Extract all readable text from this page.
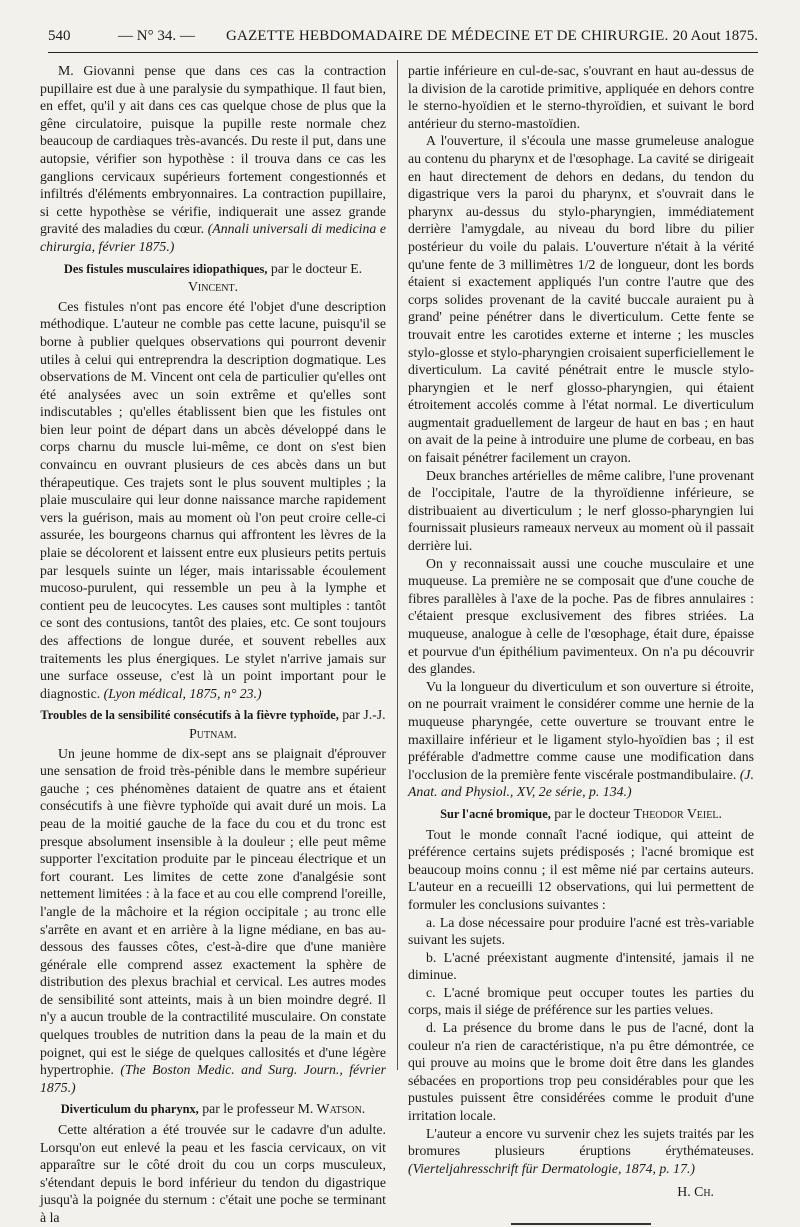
540	— N° 34. — GAZETTE HEBDOMADAIRE DE MÉDECINE ET DE CHIRURGIE. 20 Aout 1875.

M. Giovanni pense que dans ces cas la contraction pupillaire est due à une paralysie du sympathique. Il faut bien, en effet, qu'il y ait dans ces cas quelque chose de plus que la gêne circulatoire, puisque la pupille reste normale chez beaucoup de cardiaques très-avancés. Du reste il put, dans une autopsie, vérifier son hypothèse : il trouva dans ce cas les ganglions cervicaux supérieurs fortement congestionnés et infiltrés d'éléments embryonnaires. La contraction pupillaire, si cette hypothèse se vérifie, indiquerait une assez grande gravité des maladies du cœur. (Annali universali di medicina e chirurgia, février 1875.)

Des fistules musculaires idiopathiques, par le docteur E. Vincent.

Ces fistules n'ont pas encore été l'objet d'une description méthodique. L'auteur ne comble pas cette lacune, puisqu'il se borne à publier quelques observations qui pourront devenir utiles à celui qui entreprendra la description dogmatique. Les observations de M. Vincent ont cela de particulier qu'elles ont été analysées avec un soin extrême et qu'elles sont indiscutables ; qu'elles établissent bien que les fistules ont bien leur point de départ dans un abcès développé dans le corps charnu du muscle lui-même, ce dont on s'est bien convaincu en ouvrant plusieurs de ces abcès dans un but thérapeutique. Ces trajets sont le plus souvent multiples ; la plaie musculaire qui leur donne naissance marche rapidement vers la guérison, mais au moment où l'on peut croire celle-ci assurée, les bourgeons charnus qui affrontent les lèvres de la plaie se décolorent et laissent entre eux plusieurs petits pertuis par lesquels suinte un léger, mais intarissable écoulement mucoso-purulent, qui ressemble un peu à la lymphe et contient peu de leucocytes. Les causes sont multiples : tantôt ce sont des contusions, tantôt des plaies, etc. Ce sont toujours des affections de longue durée, et souvent rebelles aux traitements les plus énergiques. Le stylet n'arrive jamais sur une surface osseuse, c'est là un point important pour le diagnostic. (Lyon médical, 1875, n° 23.)

Troubles de la sensibilité consécutifs à la fièvre typhoïde, par J.-J. Putnam.

Un jeune homme de dix-sept ans se plaignait d'éprouver une sensation de froid très-pénible dans le membre supérieur gauche ; ces phénomènes dataient de quatre ans et étaient consécutifs à une fièvre typhoïde qui avait duré un mois. La peau de la moitié gauche de la face du cou et du tronc est presque absolument insensible à la douleur ; elle peut même supporter l'excitation produite par le pinceau électrique et un fort courant. Les limites de cette zone d'analgésie sont nettement limitées : à la face et au cou elle comprend l'oreille, l'angle de la mâchoire et la région occipitale ; au tronc elle s'arrête en avant et en arrière à la ligne médiane, en bas au-dessous des fausses côtes, c'est-à-dire que d'une manière générale elle comprend assez exactement la sphère de distribution des plexus brachial et cervical. Les autres modes de sensibilité sont atteints, mais à un bien moindre degré. Il n'y a aucun trouble de la contractilité musculaire. On constate quelques troubles de nutrition dans la peau de la main et du poignet, qui est le siége de quelques callosités et d'une légère hypertrophie. (The Boston Medic. and Surg. Journ., février 1875.)

Diverticulum du pharynx, par le professeur M. Watson.

Cette altération a été trouvée sur le cadavre d'un adulte. Lorsqu'on eut enlevé la peau et les fascia cervicaux, on vit apparaître sur le côté droit du cou un corps musculeux, s'étendant depuis le bord inférieur du tendon du digastrique jusqu'à la poignée du sternum : c'était une poche se terminant à la

partie inférieure en cul-de-sac, s'ouvrant en haut au-dessus de la division de la carotide primitive, appliquée en dehors contre le sterno-hyoïdien et le sterno-thyroïdien, et suivant le bord antérieur du sterno-mastoïdien.

A l'ouverture, il s'écoula une masse grumeleuse analogue au contenu du pharynx et de l'œsophage. La cavité se dirigeait en haut directement de dehors en dedans, du tendon du digastrique vers la paroi du pharynx, et s'ouvrait dans le pharynx au-dessus du stylo-pharyngien, immédiatement derrière l'amygdale, au niveau du bord libre du pilier postérieur du voile du palais. L'ouverture n'était à la vérité qu'une fente de 3 millimètres 1/2 de longueur, dont les bords étaient si exactement appliqués l'un contre l'autre que des corps solides provenant de la cavité buccale auraient pu à grand' peine pénétrer dans le diverticulum. Cette fente se trouvait entre les carotides externe et interne ; les muscles stylo-glosse et stylo-pharyngien croisaient superficiellement le diverticulum. La cavité pénétrait entre le muscle stylo-pharyngien et le nerf glosso-pharyngien, qui étaient étroitement accolés comme à l'état normal. Le diverticulum augmentait graduellement de largeur de haut en bas ; en haut on avait de la peine à introduire une plume de corbeau, en bas on faisait pénétrer facilement un crayon.

Deux branches artérielles de même calibre, l'une provenant de l'occipitale, l'autre de la thyroïdienne inférieure, se distribuaient au diverticulum ; le nerf glosso-pharyngien lui fournissait plusieurs rameaux nerveux au moment où il passait derrière lui.

On y reconnaissait aussi une couche musculaire et une muqueuse. La première ne se composait que d'une couche de fibres parallèles à l'axe de la poche. Pas de fibres annulaires : c'étaient presque exclusivement des fibres striées. La muqueuse, analogue à celle de l'œsophage, était dure, épaisse et pourvue d'un épithélium pavimenteux. On n'a pu découvrir des glandes.

Vu la longueur du diverticulum et son ouverture si étroite, on ne pourrait vraiment le considérer comme une hernie de la muqueuse pharyngée, cette ouverture se trouvant entre le maxillaire inférieur et le ligament stylo-hyoïdien bas ; il est préférable d'admettre comme cause une modification dans l'occlusion de la première fente viscérale postmandibulaire. (J. Anat. and Physiol., XV, 2e série, p. 134.)

Sur l'acné bromique, par le docteur Theodor Veiel.

Tout le monde connaît l'acné iodique, qui atteint de préférence certains sujets prédisposés ; l'acné bromique est beaucoup moins connu ; il est même nié par certains auteurs. L'auteur en a recueilli 12 observations, qui lui permettent de formuler les conclusions suivantes :

a. La dose nécessaire pour produire l'acné est très-variable suivant les sujets.

b. L'acné préexistant augmente d'intensité, jamais il ne diminue.

c. L'acné bromique peut occuper toutes les parties du corps, mais il siége de préférence sur les parties velues.

d. La présence du brome dans le pus de l'acné, dont la couleur n'a rien de caractéristique, n'a pu être démontrée, ce qui prouve au moins que le brome doit être dans les glandes sébacées en proportions trop peu considérables pour que les pustules puissent être considérées comme le produit d'une irritation locale.

L'auteur a encore vu survenir chez les sujets traités par les bromures plusieurs éruptions érythémateuses. (Vierteljahresschrift für Dermatologie, 1874, p. 17.)

H. Ch.
